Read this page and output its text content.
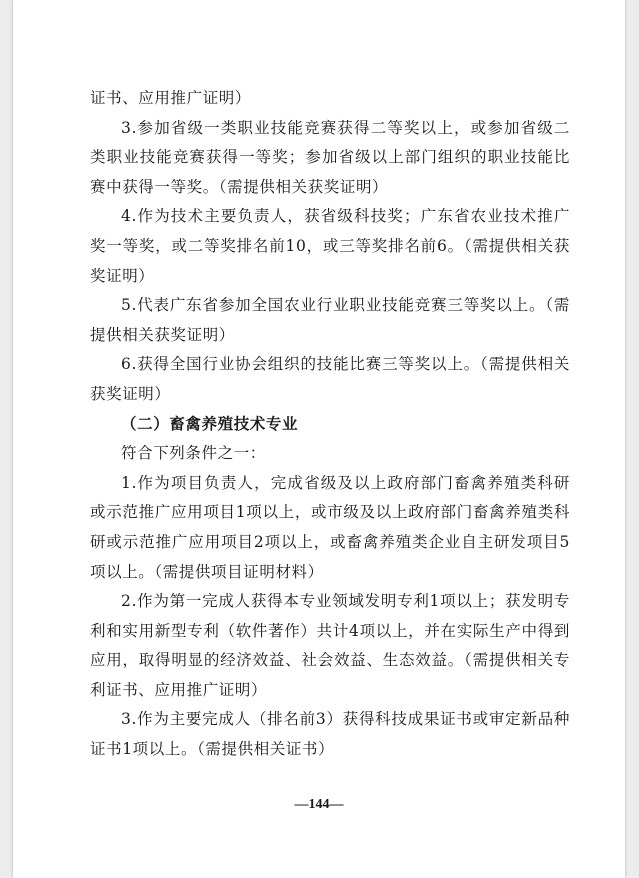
证书、应用推广证明）

3.参加省级一类职业技能竞赛获得二等奖以上，或参加省级二类职业技能竞赛获得一等奖；参加省级以上部门组织的职业技能比赛中获得一等奖。（需提供相关获奖证明）

4.作为技术主要负责人，获省级科技奖；广东省农业技术推广奖一等奖，或二等奖排名前10，或三等奖排名前6。（需提供相关获奖证明）

5.代表广东省参加全国农业行业职业技能竞赛三等奖以上。（需提供相关获奖证明）

6.获得全国行业协会组织的技能比赛三等奖以上。（需提供相关获奖证明）

（二）畜禽养殖技术专业

符合下列条件之一：

1.作为项目负责人，完成省级及以上政府部门畜禽养殖类科研或示范推广应用项目1项以上，或市级及以上政府部门畜禽养殖类科研或示范推广应用项目2项以上，或畜禽养殖类企业自主研发项目5项以上。（需提供项目证明材料）

2.作为第一完成人获得本专业领域发明专利1项以上；获发明专利和实用新型专利（软件著作）共计4项以上，并在实际生产中得到应用，取得明显的经济效益、社会效益、生态效益。（需提供相关专利证书、应用推广证明）

3.作为主要完成人（排名前3）获得科技成果证书或审定新品种证书1项以上。（需提供相关证书）

—144—
